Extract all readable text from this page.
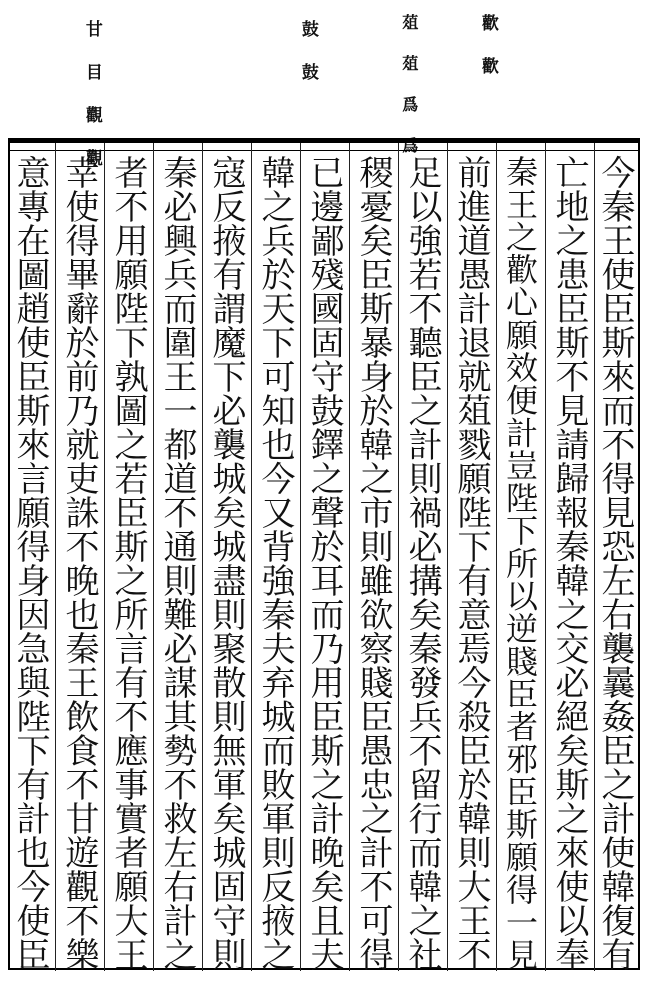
歡 歡
葅 葅 爲 爲
鼓 鼓
甘 目 觀 觀
今秦王使臣斯來而不得見恐左右襲曩姦臣之計使韓復有
亡地之患臣斯不見請歸報秦韓之交必絕矣斯之來使以奉
秦王之歡心願效便計豈陛下所以逆賤臣者邪臣斯願得一見
前進道愚計退就葅戮願陛下有意焉今殺臣於韓則大王不
足以強若不聽臣之計則禍必搆矣秦發兵不留行而韓之社
稷憂矣臣斯暴身於韓之市則雖欲察賤臣愚忠之計不可得
已邊鄙殘國固守鼓鐸之聲於耳而乃用臣斯之計晚矣且夫
韓之兵於天下可知也今又背強秦夫弃城而敗軍則反掖之
寇反掖有謂魔下必襲城矣城盡則聚散則無軍矣城固守則
秦必興兵而圍王一都道不通則難必謀其勢不救左右計之
者不用願陛下孰圖之若臣斯之所言有不應事實者願大王
幸使得畢辭於前乃就吏誅不晚也秦王飲食不甘遊觀不樂
意專在圖趙使臣斯來言願得身因急與陛下有計也今使臣
